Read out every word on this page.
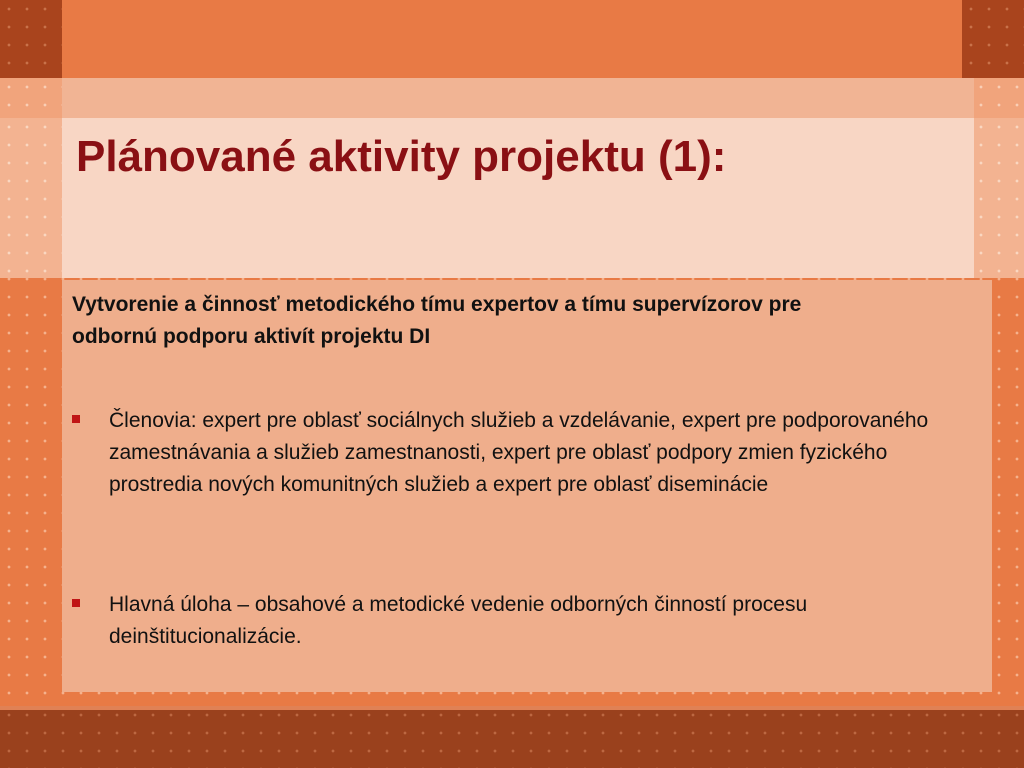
Plánované aktivity projektu (1):

Vytvorenie a činnosť metodického tímu expertov a tímu supervízorov pre odbornú podporu aktivít projektu DI

Členovia: expert pre oblasť sociálnych služieb a vzdelávanie, expert pre podporovaného zamestnávania a služieb zamestnanosti, expert pre oblasť podpory zmien fyzického prostredia nových komunitných služieb a expert pre oblasť diseminácie
Hlavná úloha – obsahové a metodické vedenie odborných činností procesu deinštitucionalizácie.
